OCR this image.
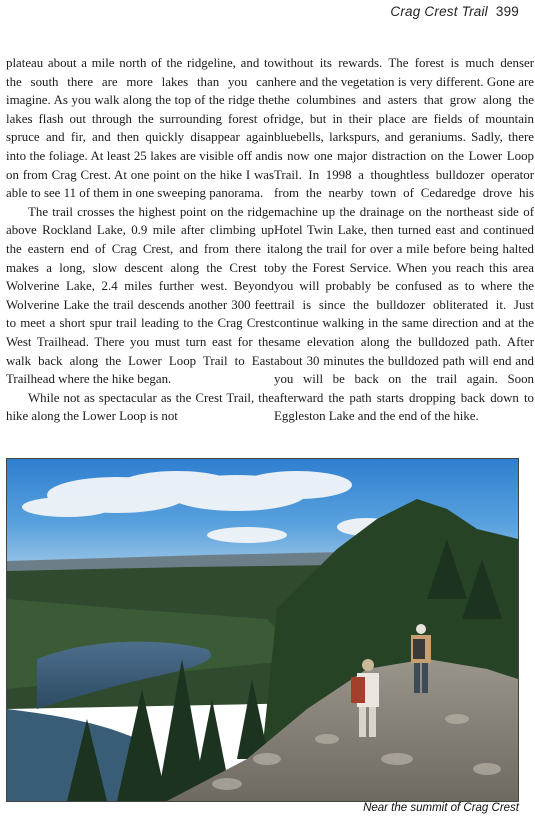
Crag Crest Trail 399

plateau about a mile north of the ridgeline, and to the south there are more lakes than you can imagine. As you walk along the top of the ridge the lakes flash out through the surrounding forest of spruce and fir, and then quickly disappear again into the foliage. At least 25 lakes are visible off and on from Crag Crest. At one point on the hike I was able to see 11 of them in one sweeping panorama.

The trail crosses the highest point on the ridge above Rockland Lake, 0.9 mile after climbing up the eastern end of Crag Crest, and from there it makes a long, slow descent along the Crest to Wolverine Lake, 2.4 miles further west. Beyond Wolverine Lake the trail descends another 300 feet to meet a short spur trail leading to the Crag Crest West Trailhead. There you must turn east for the walk back along the Lower Loop Trail to East Trailhead where the hike began.

While not as spectacular as the Crest Trail, the hike along the Lower Loop is not

without its rewards. The forest is much denser here and the vegetation is very different. Gone are the columbines and asters that grow along the ridge, but in their place are fields of mountain bluebells, larkspurs, and geraniums. Sadly, there is now one major distraction on the Lower Loop Trail. In 1998 a thoughtless bulldozer operator from the nearby town of Cedaredge drove his machine up the drainage on the northeast side of Hotel Twin Lake, then turned east and continued along the trail for over a mile before being halted by the Forest Service. When you reach this area you will probably be confused as to where the trail is since the bulldozer obliterated it. Just continue walking in the same direction and at the same elevation along the bulldozed path. After about 30 minutes the bulldozed path will end and you will be back on the trail again. Soon afterward the path starts dropping back down to Eggleston Lake and the end of the hike.

Near the summit of Crag Crest
